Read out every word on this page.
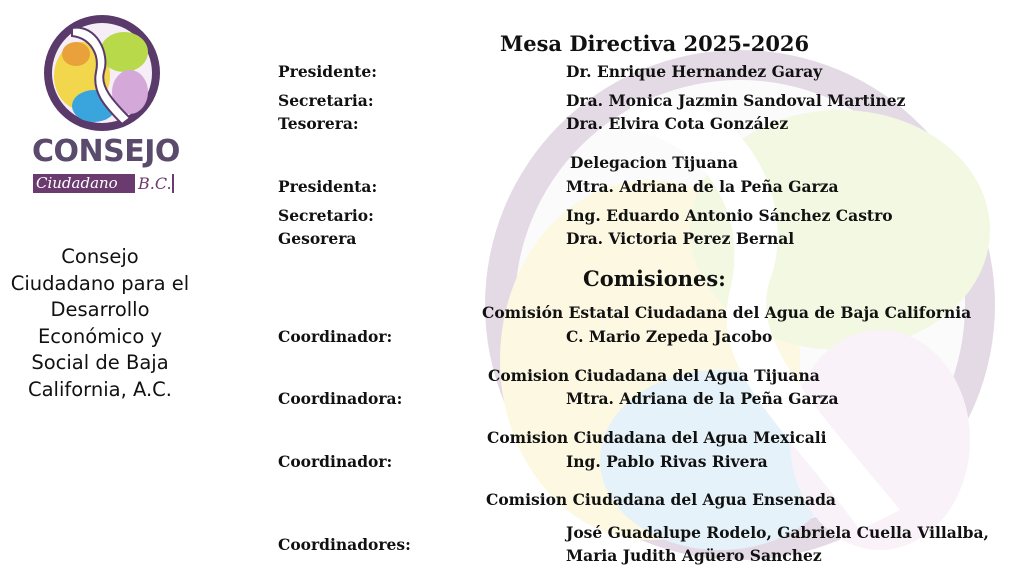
CONSEJO
Ciudadano B.C.
Consejo Ciudadano para el Desarrollo Económico y Social de Baja California, A.C.
Mesa Directiva 2025-2026
Presidente:	Dr. Enrique Hernandez Garay
Secretaria:	Dra. Monica Jazmin Sandoval Martinez
Tesorera:	Dra. Elvira Cota González
Delegacion Tijuana
Presidenta:	Mtra. Adriana de la Peña Garza
Secretario:	Ing. Eduardo Antonio Sánchez Castro
Gesorera	Dra. Victoria Perez Bernal
Comisiones:
Comisión Estatal Ciudadana del Agua de Baja California
Coordinador:	C. Mario Zepeda Jacobo
Comision Ciudadana del Agua Tijuana
Coordinadora:	Mtra. Adriana de la Peña Garza
Comision Ciudadana del Agua Mexicali
Coordinador:	Ing. Pablo Rivas Rivera
Comision Ciudadana del Agua Ensenada
Coordinadores:
José Guadalupe Rodelo, Gabriela Cuella Villalba,
Maria Judith Agüero Sanchez
